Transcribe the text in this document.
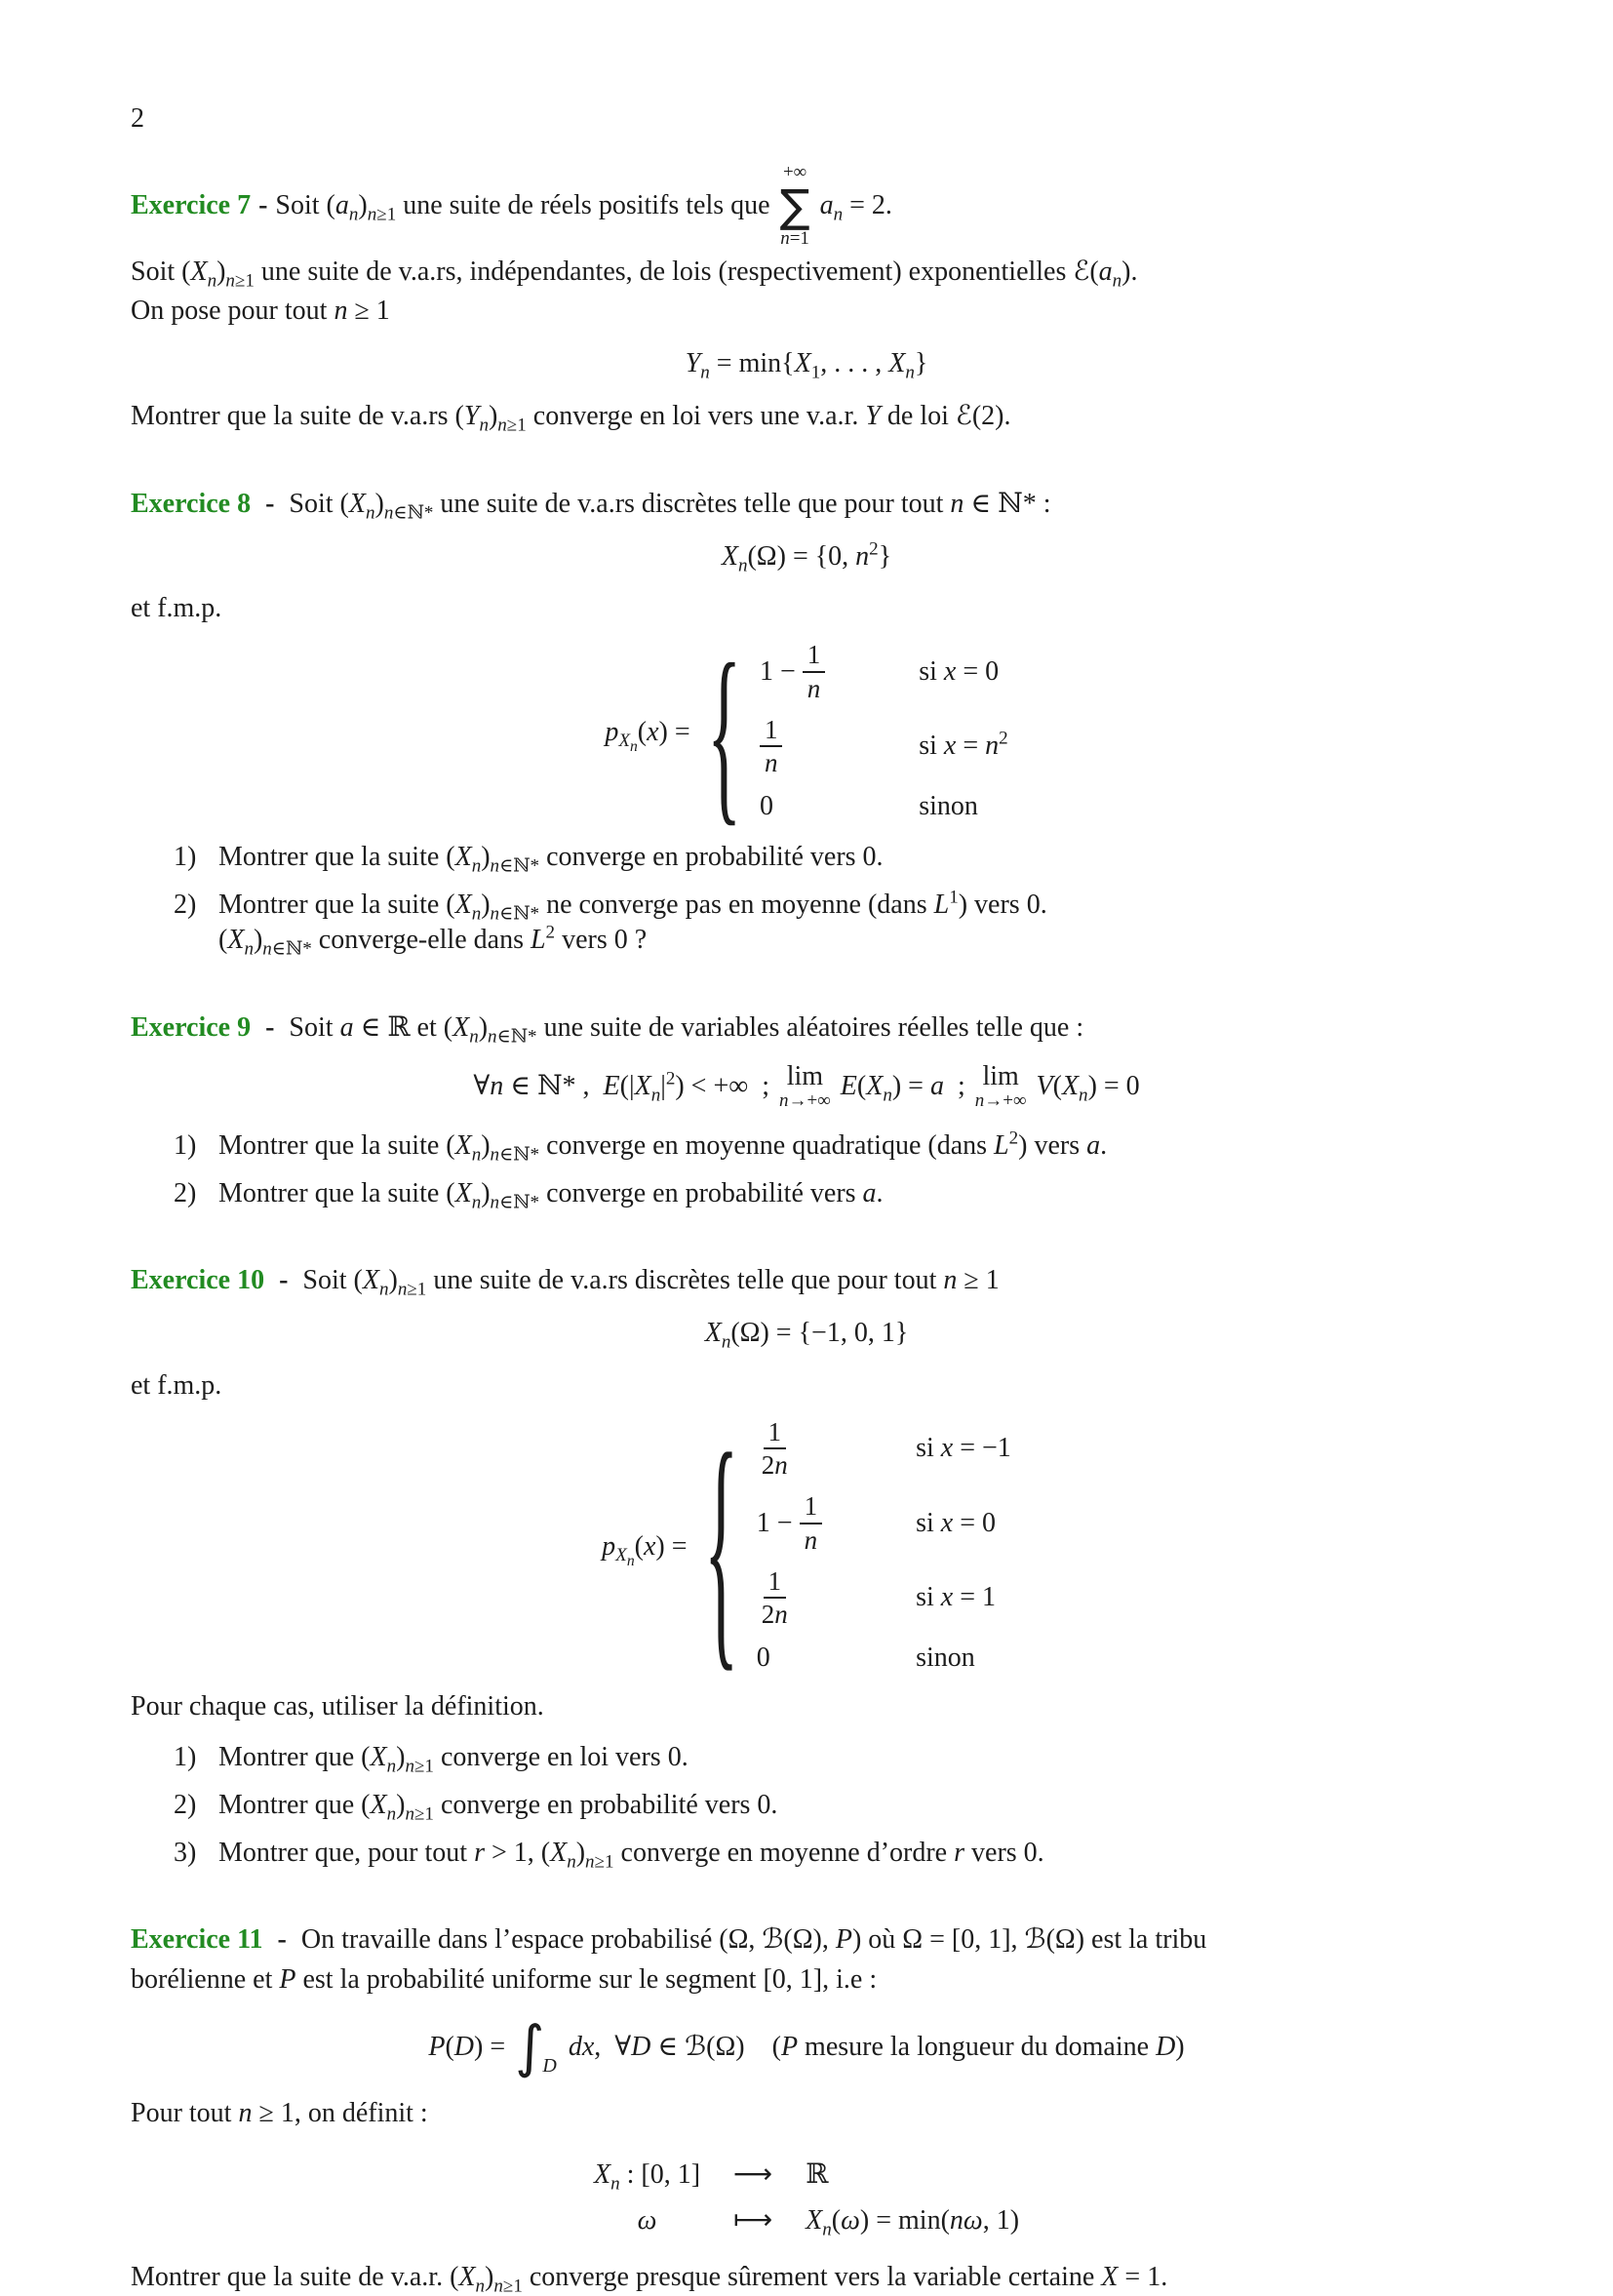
2
Exercice 7 - Soit $(a_n)_{n\ge 1}$ une suite de réels positifs tels que
+∞
∑
n=1
$a_n = 2$.
Soit $(X_n)_{n\ge 1}$ une suite de v.a.rs, indépendantes, de lois (respectivement) exponentielles $ℰ(a_n)$.
On pose pour tout n ≥ 1
$Y_n = \min\{X_1$, . . . , $X_n$}
Montrer que la suite de v.a.rs $(Y_n)_{n\ge 1}$ converge en loi vers une v.a.r. Y de loi ℰ(2).
Exercice 8 - Soit $(X_n)_{n\in ℕ*}$ une suite de v.a.rs discrètes telle que pour tout n ∈ ℕ* :
$X_n(\Omega) = \{0$, $n^2$}
et f.m.p.
$p_{X_n}(x)$ = { $1 - \frac{1}{n}$	si x = 0
$\frac{1}{n}$	si $x = n^2$
0	sinon
1) Montrer que la suite $(X_n)_{n\in ℕ*}$ converge en probabilité vers 0.
2) Montrer que la suite $(X_n)_{n\in ℕ*}$ ne converge pas en moyenne (dans $L^1$) vers 0.
$(X_n)_{n\in ℕ*}$ converge-elle dans $L^2$ vers 0 ?
Exercice 9 - Soit a ∈ ℝ et $(X_n)_{n\in ℕ*}$ une suite de variables aléatoires réelles telle que :
∀n ∈ ℕ* , $E(|X_n|^2)$ < +∞ ; lim
n→+∞ $E(X_n) = a$ ; lim
n→+∞ $V(X_n) = 0$
1) Montrer que la suite $(X_n)_{n\in ℕ*}$ converge en moyenne quadratique (dans $L^2$) vers a.
2) Montrer que la suite $(X_n)_{n\in ℕ*}$ converge en probabilité vers a.
Exercice 10 - Soit $(X_n)_{n\ge 1}$ une suite de v.a.rs discrètes telle que pour tout n ≥ 1
$X_n(\Omega) = \{-1$, 0, 1}
et f.m.p.
$p_{X_n}(x)$ = { $\frac{1}{2n}$	si x = −1
$1 - \frac{1}{n}$	si x = 0
$\frac{1}{2n}$	si x = 1
0	sinon
Pour chaque cas, utiliser la définition.
1) Montrer que $(X_n)_{n\ge 1}$ converge en loi vers 0.
2) Montrer que $(X_n)_{n\ge 1}$ converge en probabilité vers 0.
3) Montrer que, pour tout r > 1, $(X_n)_{n\ge 1}$ converge en moyenne d’ordre r vers 0.
Exercice 11 - On travaille dans l’espace probabilisé (Ω, ℬ(Ω), P) où Ω = [0, 1], ℬ(Ω) est la tribu
borélienne et P est la probabilité uniforme sur le segment [0, 1], i.e :
P(D) = ∫
D
dx, ∀D ∈ ℬ(Ω)  (P mesure la longueur du domaine D)
Pour tout n ≥ 1, on définit :
$X_n$ : [0, 1] ⟶ ℝ
ω	⟼ $X_n(\omega) = \min(n\omega$, 1)
Montrer que la suite de v.a.r. $(X_n)_{n\ge 1}$ converge presque sûrement vers la variable certaine X = 1.
